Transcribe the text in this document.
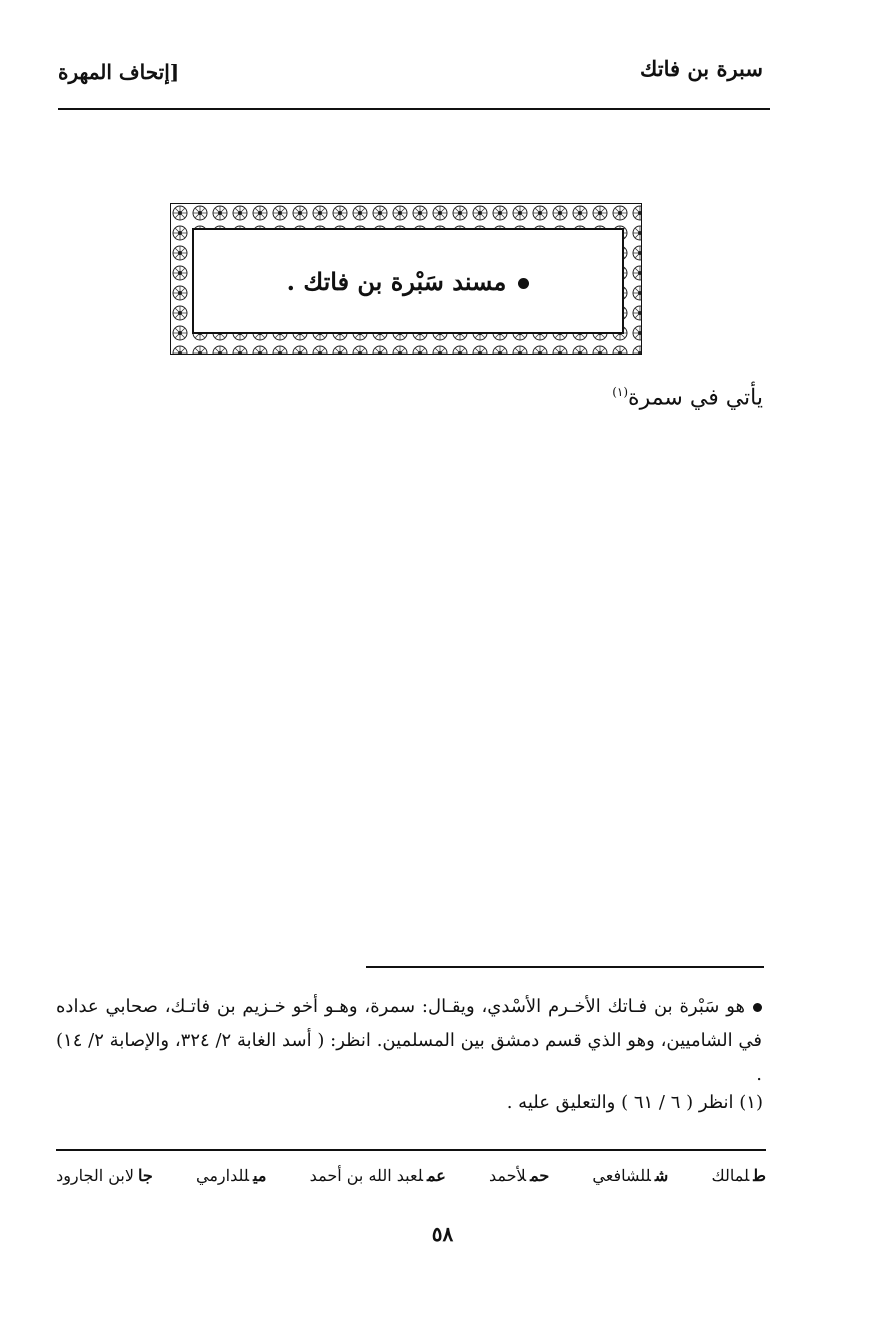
سبرة بن فاتك
[إتحاف المهرة
مسند سَبْرة بن فاتك .
يأتي في سمرة$^{(١)}$
هو سَبْرة بن فـاتك الأخـرم الأسْدي، ويقـال: سمرة، وهـو أخو خـزيم بن فاتـك، صحابي عداده في الشاميين، وهو الذي قسم دمشق بين المسلمين. انظر: ( أسد الغابة ٢/ ٣٢٤، والإصابة ٢/ ١٤) .
(١) انظر ( ٦ / ٦١ ) والتعليق عليه .
طلمالك
شللشافعي
حملأحمد
عملعبد الله بن أحمد
ميللدارمي
جالابن الجارود
٥٨
